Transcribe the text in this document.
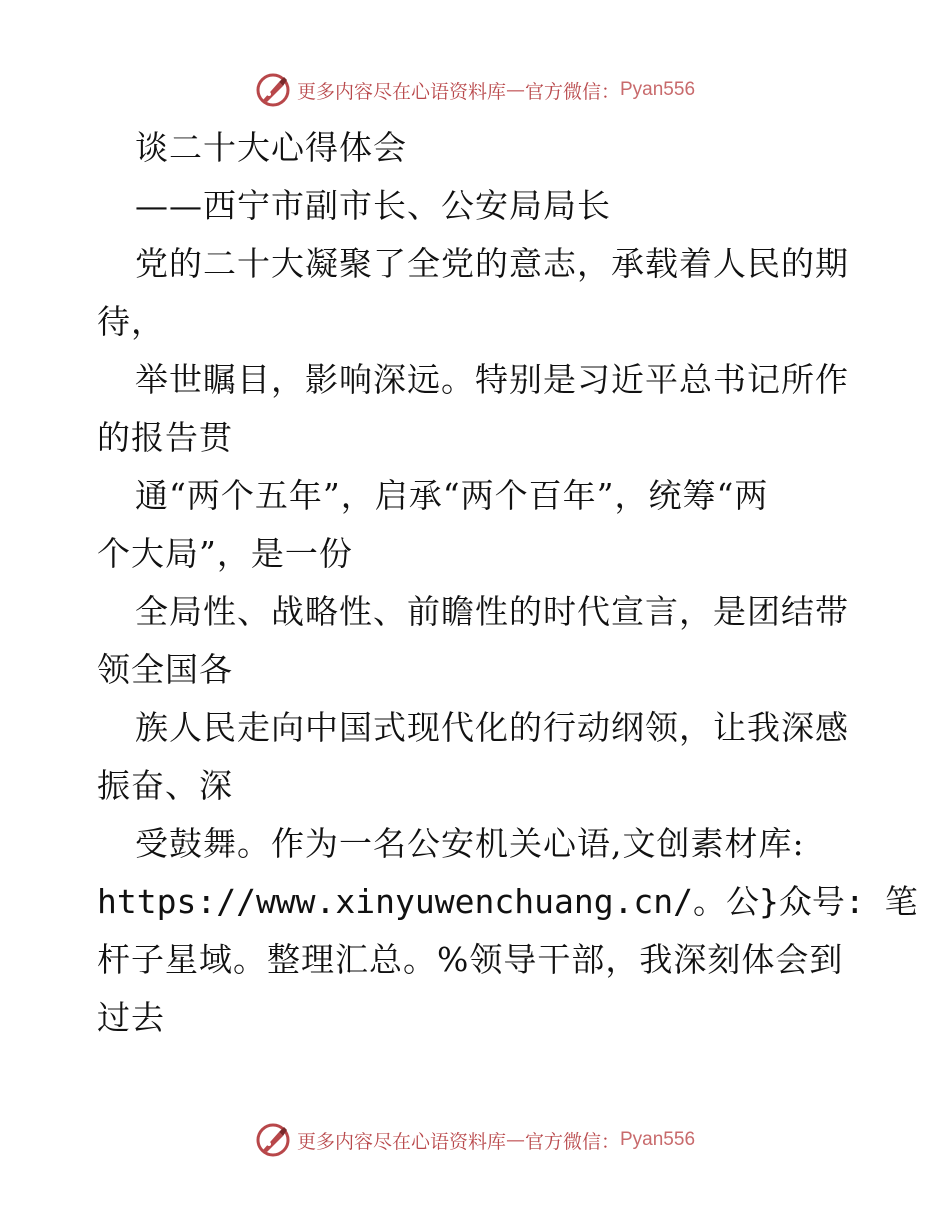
更多内容尽在心语资料库 — 官方微信： Pyan556
谈二十大心得体会
——西宁市副市长、公安局局长
党的二十大凝聚了全党的意志，承载着人民的期
待，
举世瞩目，影响深远。特别是习近平总书记所作
的报告贯
通“两个五年”，启承“两个百年”，统筹“两
个大局”，是一份
全局性、战略性、前瞻性的时代宣言，是团结带
领全国各
族人民走向中国式现代化的行动纲领，让我深感
振奋、深
受鼓舞。作为一名公安机关心语,文创素材库:
https://www.xinyuwenchuang.cn/。公}众号: 笔
杆子星域。整理汇总。%领导干部，我深刻体会到
过去
更多内容尽在心语资料库 — 官方微信： Pyan556
